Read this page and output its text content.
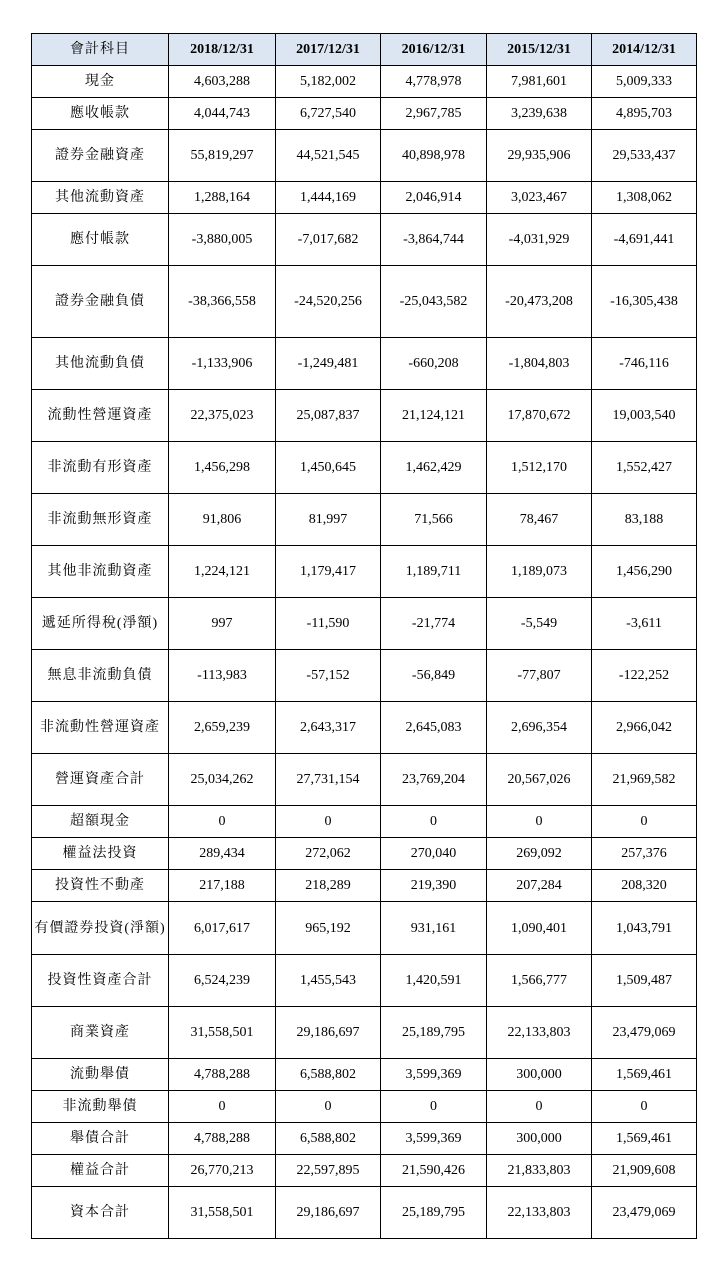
會計科目	2018/12/31	2017/12/31	2016/12/31	2015/12/31	2014/12/31
現金	4,603,288	5,182,002	4,778,978	7,981,601	5,009,333
應收帳款	4,044,743	6,727,540	2,967,785	3,239,638	4,895,703
證券金融資產	55,819,297	44,521,545	40,898,978	29,935,906	29,533,437
其他流動資產	1,288,164	1,444,169	2,046,914	3,023,467	1,308,062
應付帳款	-3,880,005	-7,017,682	-3,864,744	-4,031,929	-4,691,441
證券金融負債	-38,366,558	-24,520,256	-25,043,582	-20,473,208	-16,305,438
其他流動負債	-1,133,906	-1,249,481	-660,208	-1,804,803	-746,116
流動性營運資產	22,375,023	25,087,837	21,124,121	17,870,672	19,003,540
非流動有形資產	1,456,298	1,450,645	1,462,429	1,512,170	1,552,427
非流動無形資產	91,806	81,997	71,566	78,467	83,188
其他非流動資產	1,224,121	1,179,417	1,189,711	1,189,073	1,456,290
遞延所得稅(淨額)	997	-11,590	-21,774	-5,549	-3,611
無息非流動負債	-113,983	-57,152	-56,849	-77,807	-122,252
非流動性營運資產	2,659,239	2,643,317	2,645,083	2,696,354	2,966,042
營運資產合計	25,034,262	27,731,154	23,769,204	20,567,026	21,969,582
超額現金	0	0	0	0	0
權益法投資	289,434	272,062	270,040	269,092	257,376
投資性不動產	217,188	218,289	219,390	207,284	208,320
有價證券投資(淨額)	6,017,617	965,192	931,161	1,090,401	1,043,791
投資性資產合計	6,524,239	1,455,543	1,420,591	1,566,777	1,509,487
商業資產	31,558,501	29,186,697	25,189,795	22,133,803	23,479,069
流動舉債	4,788,288	6,588,802	3,599,369	300,000	1,569,461
非流動舉債	0	0	0	0	0
舉債合計	4,788,288	6,588,802	3,599,369	300,000	1,569,461
權益合計	26,770,213	22,597,895	21,590,426	21,833,803	21,909,608
資本合計	31,558,501	29,186,697	25,189,795	22,133,803	23,479,069
